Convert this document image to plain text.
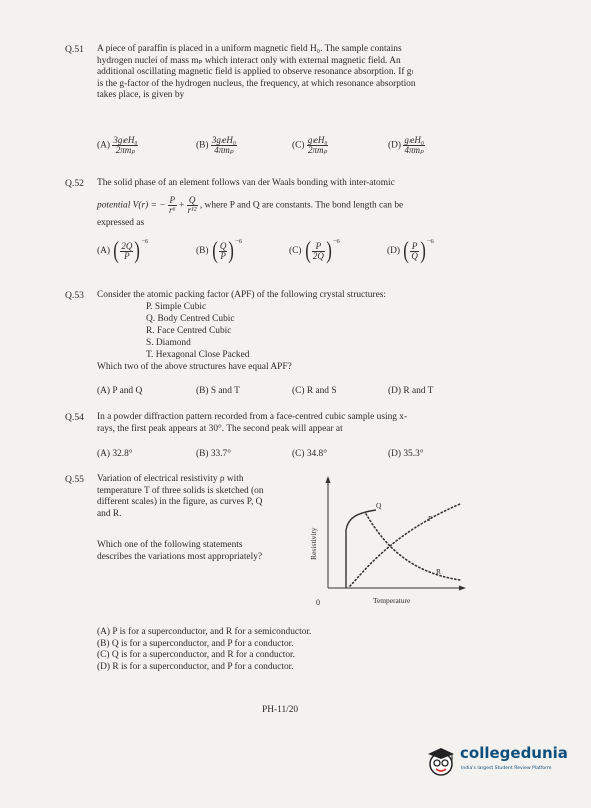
Q.51 A piece of paraffin is placed in a uniform magnetic field H₀. The sample contains
hydrogen nuclei of mass mₚ which interact only with external magnetic field. An
additional oscillating magnetic field is applied to observe resonance absorption. If gₗ
is the g-factor of the hydrogen nucleus, the frequency, at which resonance absorption
takes place, is given by
$(A) \frac{\text{3gₗeH₀}}{\text{2πmₚ}}$	$(B) \frac{\text{3gₗeH₀}}{\text{4πmₚ}}$	$(C) \frac{\text{gₗeH₀}}{\text{2πmₚ}}$	$(D) \frac{\text{gₗeH₀}}{\text{4πmₚ}}$
Q.52 The solid phase of an element follows van der Waals bonding with inter-atomic
potential V(r) = − $\frac{P}{\text{r⁶}} + \frac{Q}{\text{r¹²}}$ , where P and Q are constants. The bond length can be
expressed as
(A) ( $\frac{2Q}{P} )^{-6}$
(B) ( $\frac{Q}{P} )^{-6}$
(C) ( $\frac{P}{2Q} )^{-6}$
(D) ( $\frac{P}{Q} )^{-6}$
Q.53 Consider the atomic packing factor (APF) of the following crystal structures:
P. Simple Cubic
Q. Body Centred Cubic
R. Face Centred Cubic
S. Diamond
T. Hexagonal Close Packed
Which two of the above structures have equal APF?
(A) P and Q	(B) S and T	(C) R and S	(D) R and T
Q.54 In a powder diffraction pattern recorded from a face-centred cubic sample using x-
rays, the first peak appears at 30°. The second peak will appear at
(A) 32.8°	(B) 33.7°	(C) 34.8°	(D) 35.3°
Q.55 Variation of electrical resistivity ρ with
temperature T of three solids is sketched (on
different scales) in the figure, as curves P, Q
and R.
Which one of the following statements
describes the variations most appropriately?	Resistivity
Temperature
0
Q
P
R
(A) P is for a superconductor, and R for a semiconductor.
(B) Q is for a superconductor, and P for a conductor.
(C) Q is for a superconductor, and R for a conductor.
(D) R is for a superconductor, and P for a conductor.
PH-11/20
collegedunia
India's largest Student Review Platform
